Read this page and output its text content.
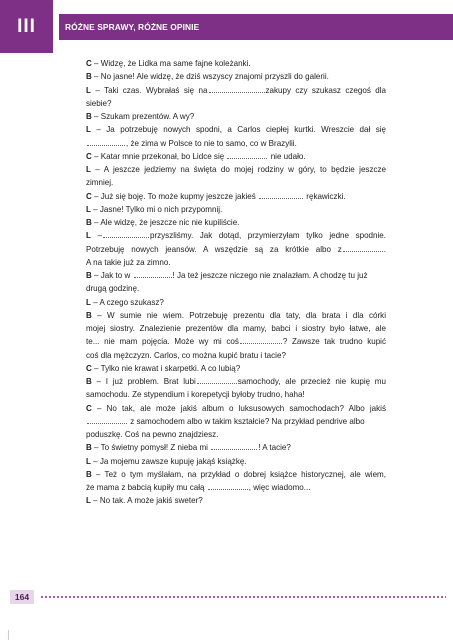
III	RÓŻNE SPRAWY, RÓŻNE OPINIE
C – Widzę, że Lidka ma same fajne koleżanki.
B – No jasne! Ale widzę, że dziś wszyscy znajomi przyszli do galerii.
L – Taki czas. Wybrałaś się na	zakupy czy szukasz czegoś dla
siebie?
B – Szukam prezentów. A wy?
L – Ja potrzebuję nowych spodni, a Carlos ciepłej kurtki. Wreszcie dał się
, że zima w Polsce to nie to samo, co w Brazylii.
C – Katar mnie przekonał, bo Lidce się	nie udało.
L – A jeszcze jedziemy na święta do mojej rodziny w góry, to będzie jeszcze
zimniej.
C – Już się boję. To może kupmy jeszcze jakieś	rękawiczki.
L – Jasne! Tylko mi o nich przypomnij.
B – Ale widzę, że jeszcze nic nie kupiliście.
L –	przyszliśmy. Jak dotąd, przymierzyłam tylko jedne spodnie.
Potrzebuję nowych jeansów. A wszędzie są za krótkie albo z	.
A na takie już za zimno.
B – Jak to w	! Ja też jeszcze niczego nie znalazłam. A chodzę tu już
drugą godzinę.
L – A czego szukasz?
B – W sumie nie wiem. Potrzebuję prezentu dla taty, dla brata i dla córki
mojej siostry. Znalezienie prezentów dla mamy, babci i siostry było łatwe, ale
te... nie mam pojęcia. Może wy mi coś	? Zawsze tak trudno kupić
coś dla mężczyzn. Carlos, co można kupić bratu i tacie?
C – Tylko nie krawat i skarpetki. A co lubią?
B – I już problem. Brat lubi	samochody, ale przecież nie kupię mu
samochodu. Ze stypendium i korepetycji byłoby trudno, haha!
C – No tak, ale może jakiś album o luksusowych samochodach? Albo jakiś
z samochodem albo w takim kształcie? Na przykład pendrive albo
poduszkę. Coś na pewno znajdziesz.
B – To świetny pomysł! Z nieba mi	! A tacie?
L – Ja mojemu zawsze kupuję jakąś książkę.
B – Też o tym myślałam, na przykład o dobrej książce historycznej, ale wiem,
że mama z babcią kupiły mu całą	, więc wiadomo...
L – No tak. A może jakiś sweter?
164
